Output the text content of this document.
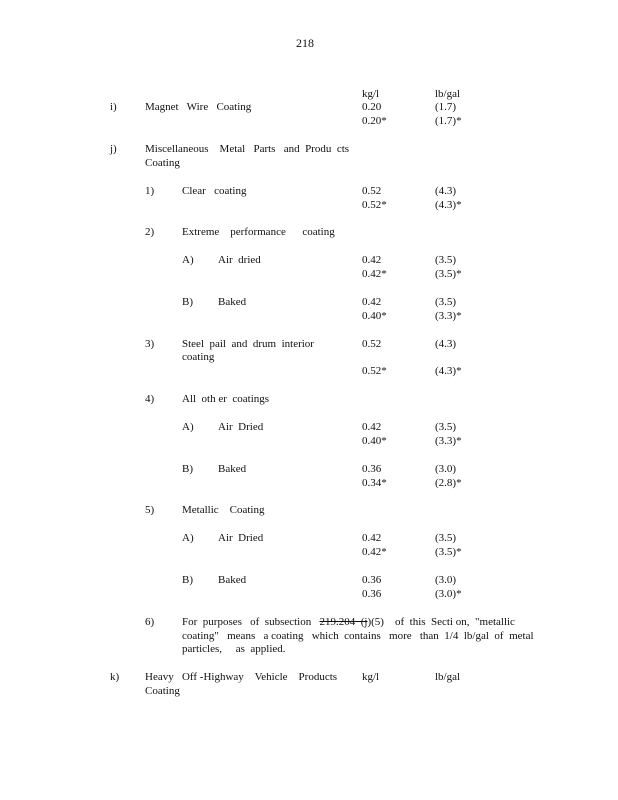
218
kg/l	lb/gal
i)	Magnet   Wire   Coating	0.20	(1.7)
0.20*	(1.7)*
j)	Miscellaneous    Metal   Parts   and  Produ  cts
Coating
1)	Clear   coating	0.52	(4.3)
0.52*	(4.3)*
2)	Extreme    performance      coating
A) Air  dried	0.42	(3.5)
0.42*	(3.5)*
B) Baked	0.42	(3.5)
0.40*	(3.3)*
3)	Steel  pail  and  drum  interior
coating
0.52	(4.3)
0.52*	(4.3)*
4)	All  oth er  coatings
A) Air  Dried	0.42	(3.5)
0.40*	(3.3)*
B) Baked	0.36	(3.0)
0.34*	(2.8)*
5)	Metallic    Coating
A) Air  Dried	0.42	(3.5)
0.42*	(3.5)*
B) Baked	0.36	(3.0)
0.36	(3.0)*
6)	For  purposes   of  subsection   219.204  (j)(5)    of  this  Secti on,  "metallic
coating"   means   a coating   which  contains   more   than  1/4  lb/gal  of  metal
particles,     as  applied.
k) Heavy   Off -Highway    Vehicle    Products
Coating
kg/l	lb/gal
